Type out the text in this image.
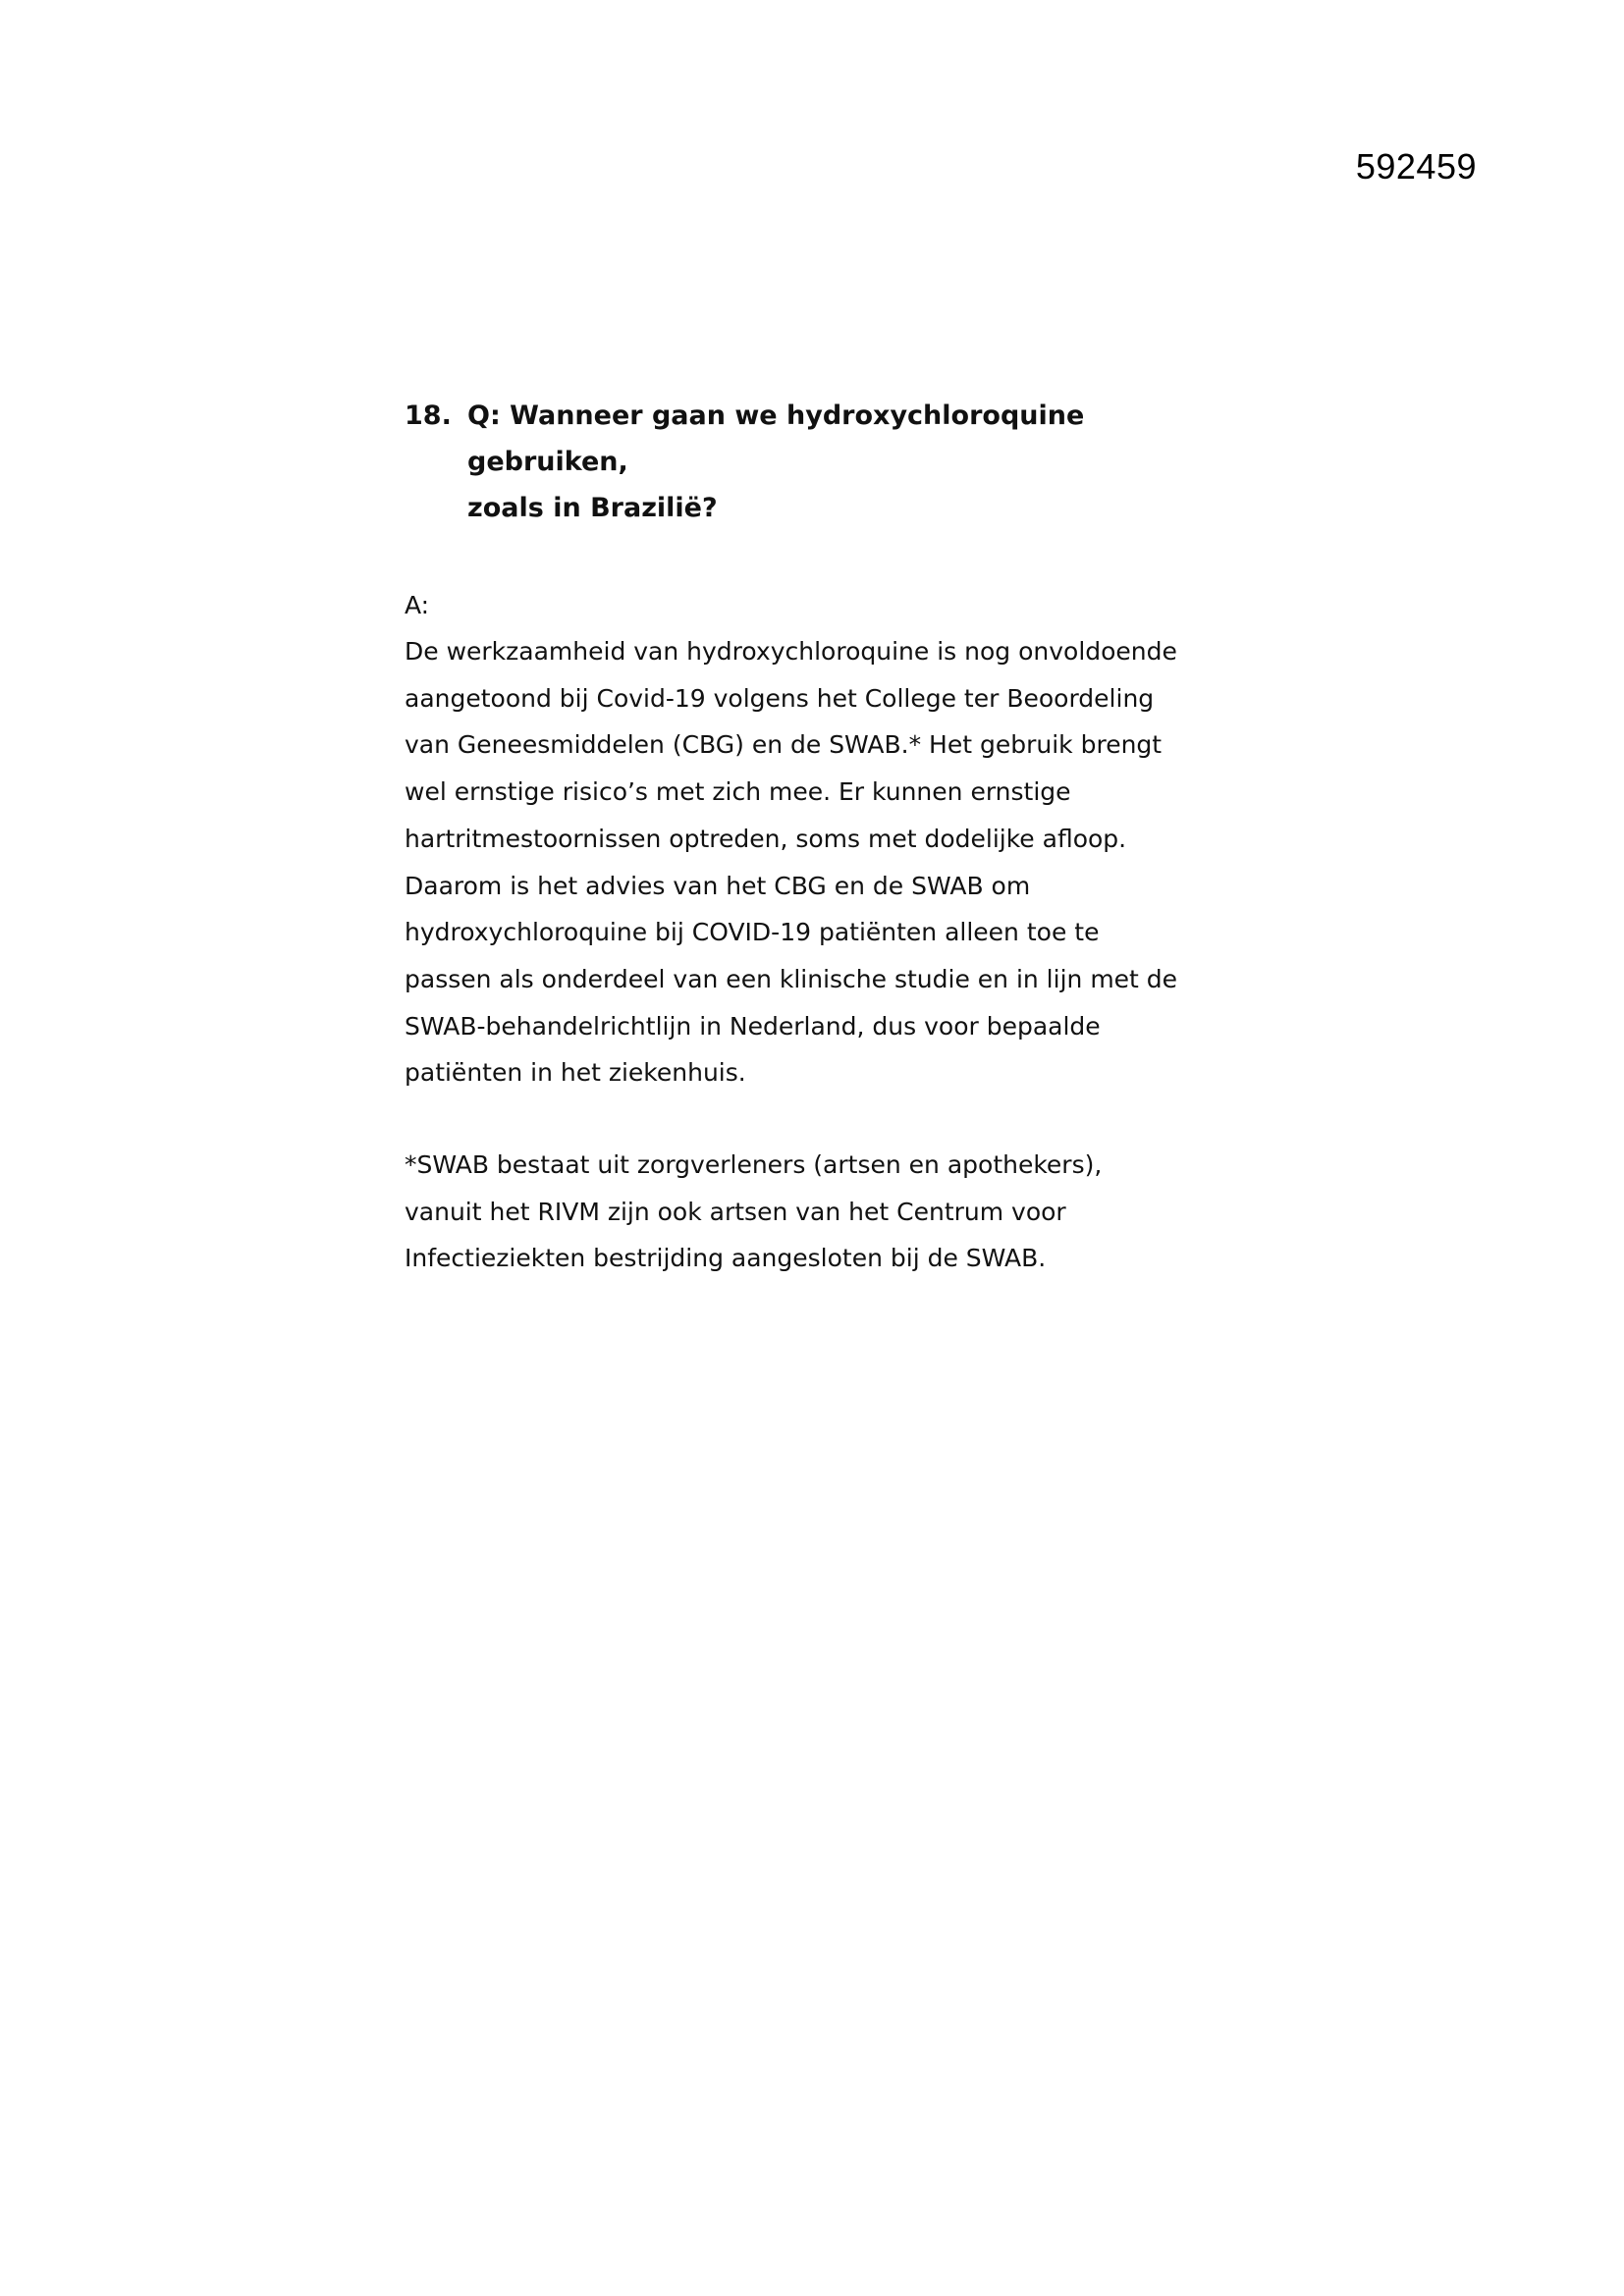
592459
18. Q: Wanneer gaan we hydroxychloroquine gebruiken,
zoals in Brazilië?

A:

De werkzaamheid van hydroxychloroquine is nog onvoldoende
aangetoond bij Covid-19 volgens het College ter Beoordeling
van Geneesmiddelen (CBG) en de SWAB.* Het gebruik brengt
wel ernstige risico’s met zich mee. Er kunnen ernstige
hartritmestoornissen optreden, soms met dodelijke afloop.
Daarom is het advies van het CBG en de SWAB om
hydroxychloroquine bij COVID-19 patiënten alleen toe te
passen als onderdeel van een klinische studie en in lijn met de
SWAB-behandelrichtlijn in Nederland, dus voor bepaalde
patiënten in het ziekenhuis.

*SWAB bestaat uit zorgverleners (artsen en apothekers),
vanuit het RIVM zijn ook artsen van het Centrum voor
Infectieziekten bestrijding aangesloten bij de SWAB.
